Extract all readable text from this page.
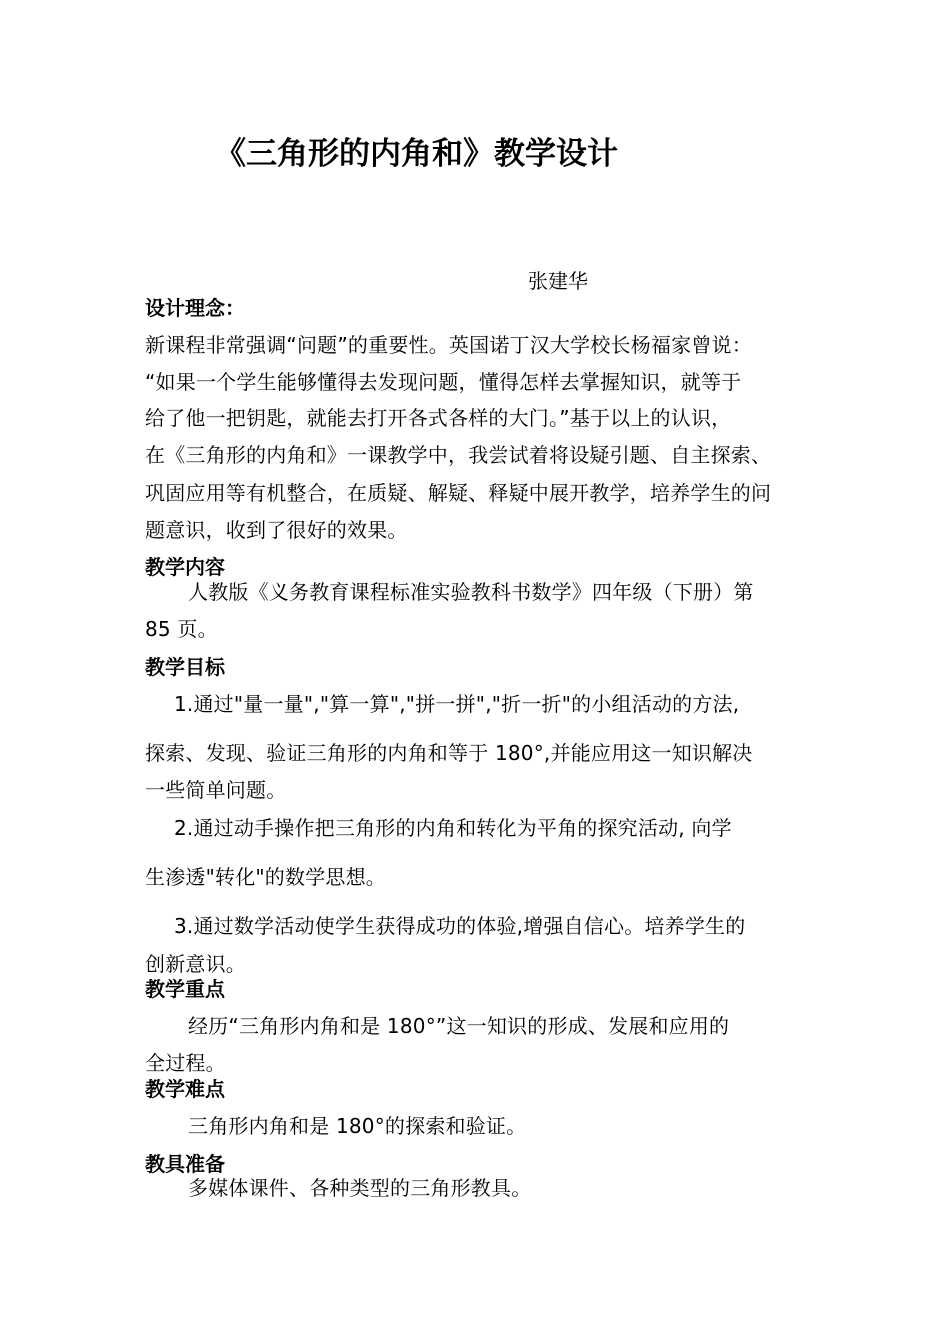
《三角形的内角和》教学设计
张建华
设计理念：
新课程非常强调“问题”的重要性。英国诺丁汉大学校长杨福家曾说：
“如果一个学生能够懂得去发现问题，懂得怎样去掌握知识，就等于
给了他一把钥匙，就能去打开各式各样的大门。”基于以上的认识，
在《三角形的内角和》一课教学中，我尝试着将设疑引题、自主探索、
巩固应用等有机整合，在质疑、解疑、释疑中展开教学，培养学生的问
题意识，收到了很好的效果。
教学内容
人教版《义务教育课程标准实验教科书数学》四年级（下册）第
85 页。
教学目标
1.通过"量一量","算一算","拼一拼","折一折"的小组活动的方法,
探索、发现、验证三角形的内角和等于 180°,并能应用这一知识解决
一些简单问题。
2.通过动手操作把三角形的内角和转化为平角的探究活动, 向学
生渗透"转化"的数学思想。
3.通过数学活动使学生获得成功的体验,增强自信心。培养学生的
创新意识。
教学重点
经历“三角形内角和是 180°”这一知识的形成、发展和应用的
全过程。
教学难点
三角形内角和是 180°的探索和验证。
教具准备
多媒体课件、各种类型的三角形教具。
